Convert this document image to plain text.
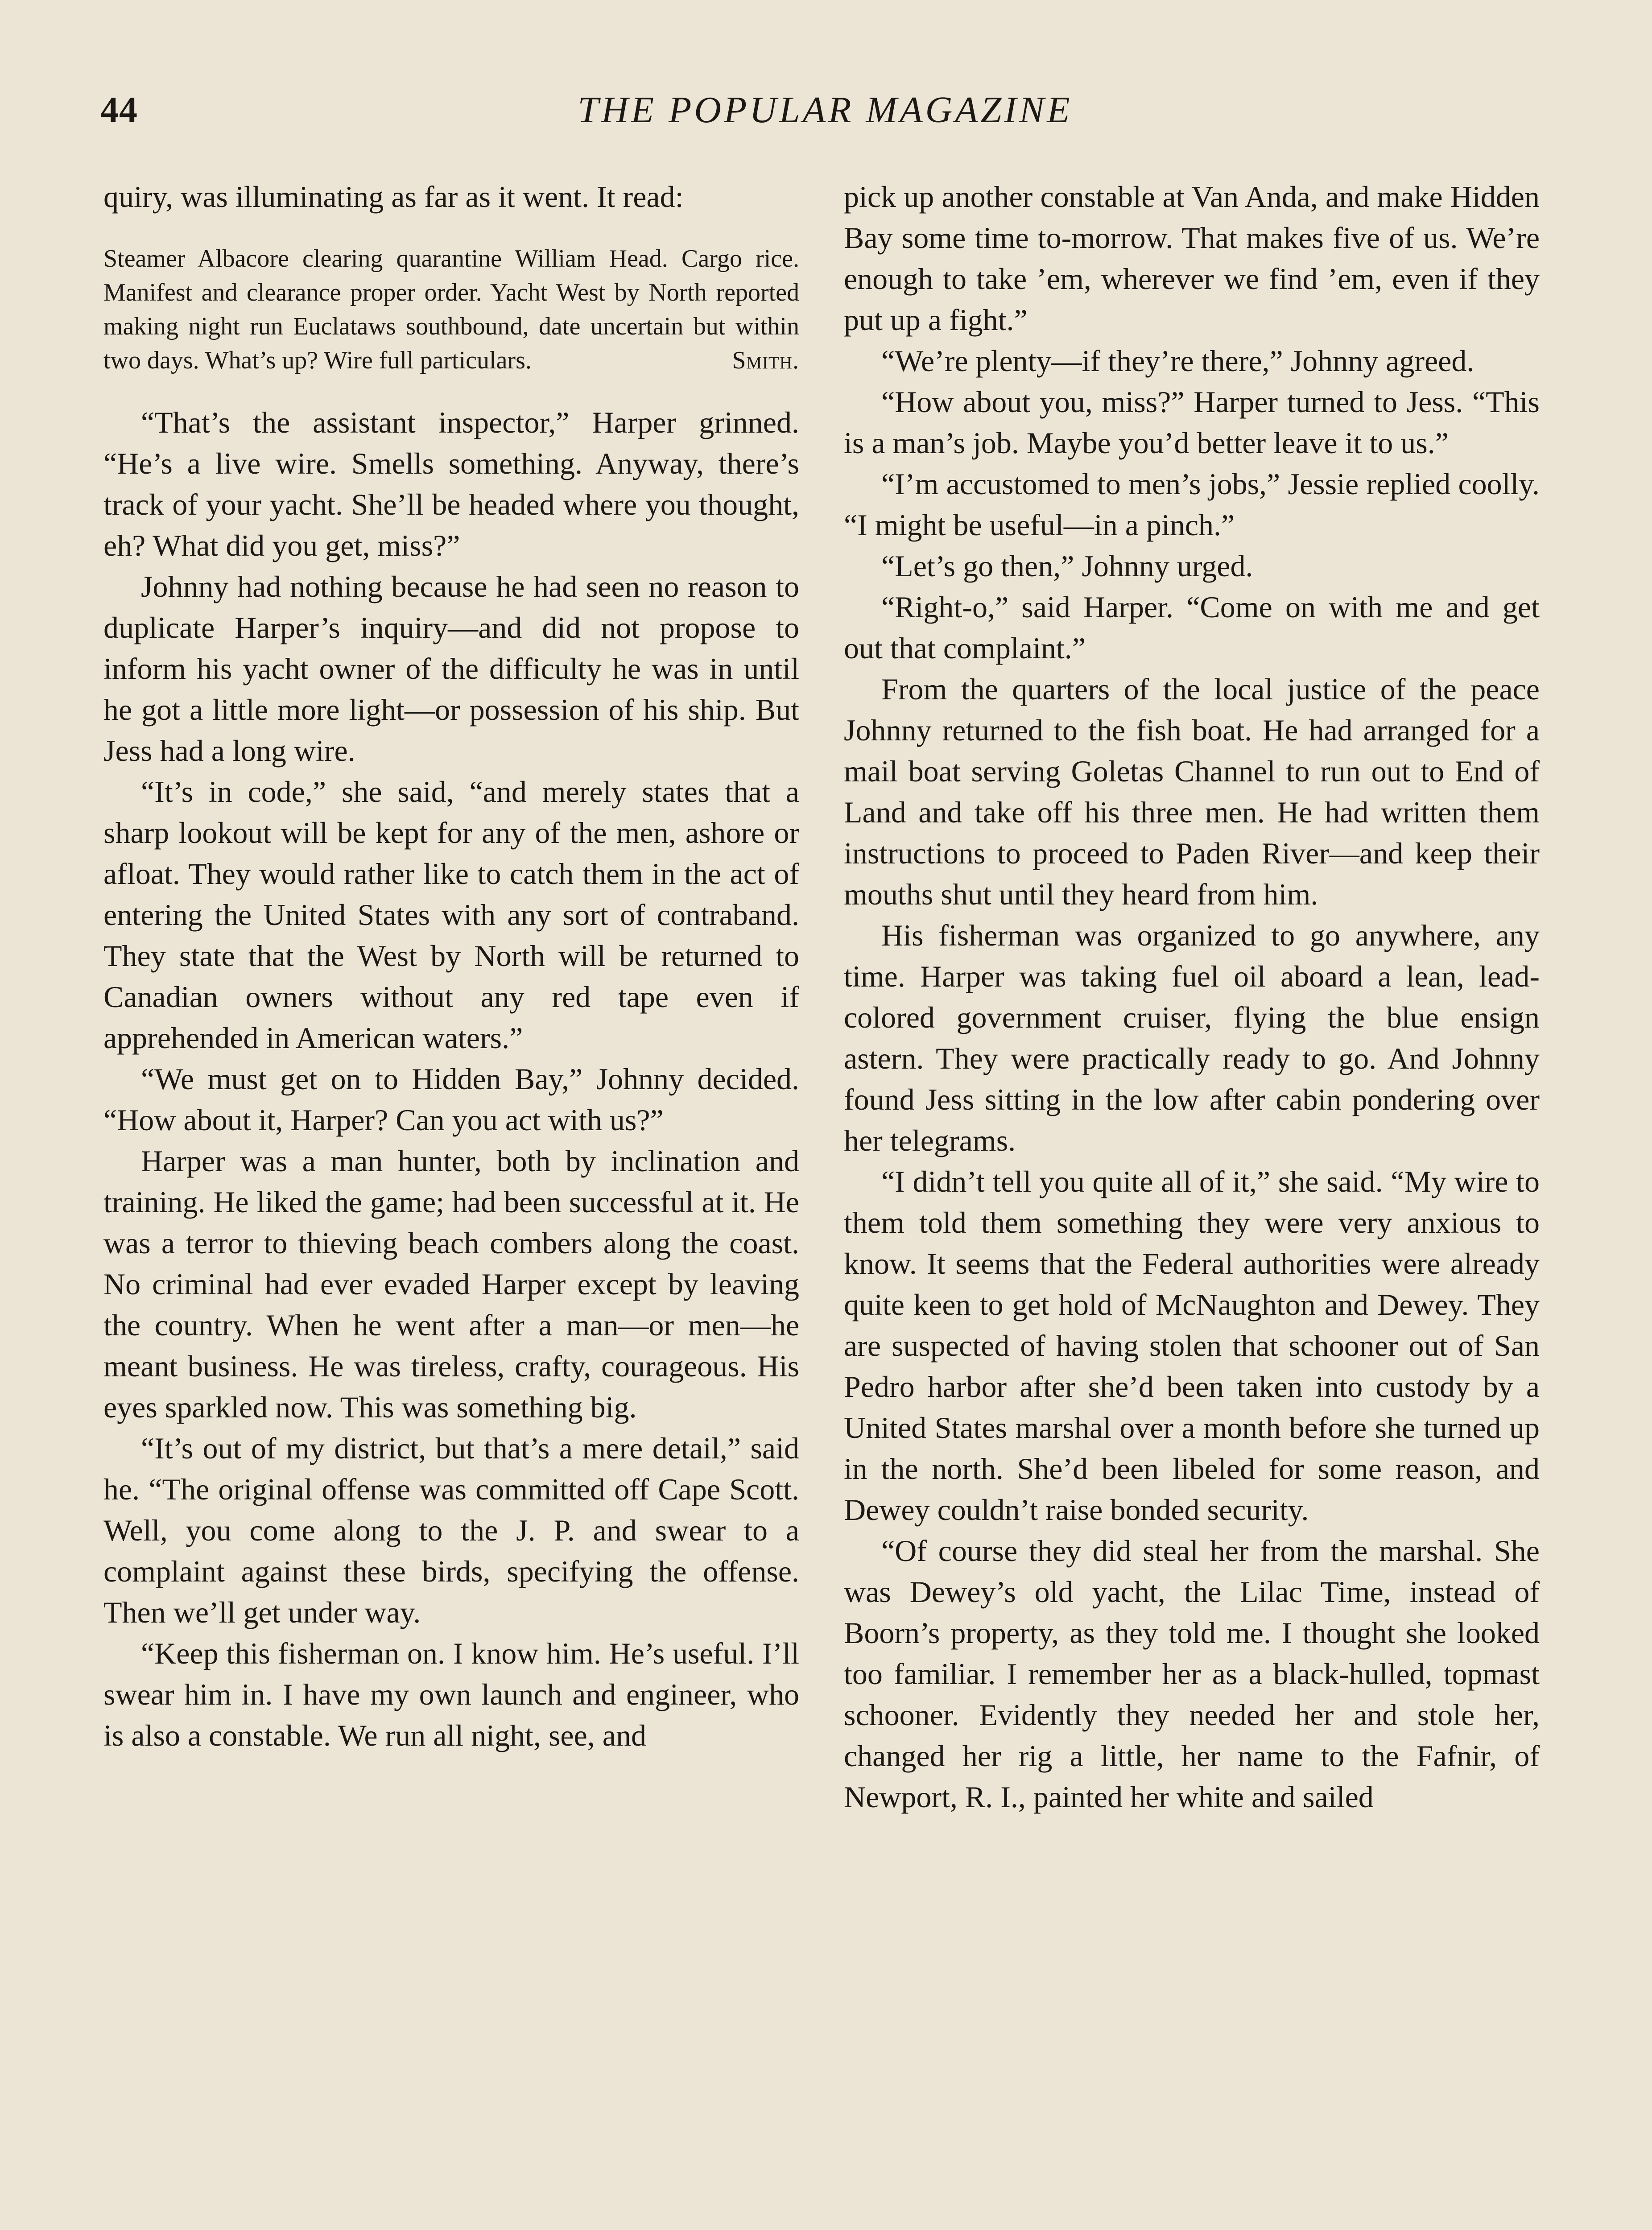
44	THE POPULAR MAGAZINE

quiry, was illuminating as far as it went. It read:

Steamer Albacore clearing quarantine William Head. Cargo rice. Manifest and clearance proper order. Yacht West by North reported making night run Euclataws southbound, date uncertain but within two days. What’s up? Wire full particulars.	Smith.

“That’s the assistant inspector,” Harper grinned. “He’s a live wire. Smells something. Anyway, there’s track of your yacht. She’ll be headed where you thought, eh? What did you get, miss?”

Johnny had nothing because he had seen no reason to duplicate Harper’s inquiry—and did not propose to inform his yacht owner of the difficulty he was in until he got a little more light—or possession of his ship. But Jess had a long wire.

“It’s in code,” she said, “and merely states that a sharp lookout will be kept for any of the men, ashore or afloat. They would rather like to catch them in the act of entering the United States with any sort of contraband. They state that the West by North will be returned to Canadian owners without any red tape even if apprehended in American waters.”

“We must get on to Hidden Bay,” Johnny decided. “How about it, Harper? Can you act with us?”

Harper was a man hunter, both by inclination and training. He liked the game; had been successful at it. He was a terror to thieving beach combers along the coast. No criminal had ever evaded Harper except by leaving the country. When he went after a man—or men—he meant business. He was tireless, crafty, courageous. His eyes sparkled now. This was something big.

“It’s out of my district, but that’s a mere detail,” said he. “The original offense was committed off Cape Scott. Well, you come along to the J. P. and swear to a complaint against these birds, specifying the offense. Then we’ll get under way.

“Keep this fisherman on. I know him. He’s useful. I’ll swear him in. I have my own launch and engineer, who is also a constable. We run all night, see, and

pick up another constable at Van Anda, and make Hidden Bay some time to-morrow. That makes five of us. We’re enough to take ’em, wherever we find ’em, even if they put up a fight.”

“We’re plenty—if they’re there,” Johnny agreed.

“How about you, miss?” Harper turned to Jess. “This is a man’s job. Maybe you’d better leave it to us.”

“I’m accustomed to men’s jobs,” Jessie replied coolly. “I might be useful—in a pinch.”

“Let’s go then,” Johnny urged.

“Right-o,” said Harper. “Come on with me and get out that complaint.”

From the quarters of the local justice of the peace Johnny returned to the fish boat. He had arranged for a mail boat serving Goletas Channel to run out to End of Land and take off his three men. He had written them instructions to proceed to Paden River—and keep their mouths shut until they heard from him.

His fisherman was organized to go anywhere, any time. Harper was taking fuel oil aboard a lean, lead-colored government cruiser, flying the blue ensign astern. They were practically ready to go. And Johnny found Jess sitting in the low after cabin pondering over her telegrams.

“I didn’t tell you quite all of it,” she said. “My wire to them told them something they were very anxious to know. It seems that the Federal authorities were already quite keen to get hold of McNaughton and Dewey. They are suspected of having stolen that schooner out of San Pedro harbor after she’d been taken into custody by a United States marshal over a month before she turned up in the north. She’d been libeled for some reason, and Dewey couldn’t raise bonded security.

“Of course they did steal her from the marshal. She was Dewey’s old yacht, the Lilac Time, instead of Boorn’s property, as they told me. I thought she looked too familiar. I remember her as a black-hulled, topmast schooner. Evidently they needed her and stole her, changed her rig a little, her name to the Fafnir, of Newport, R. I., painted her white and sailed
